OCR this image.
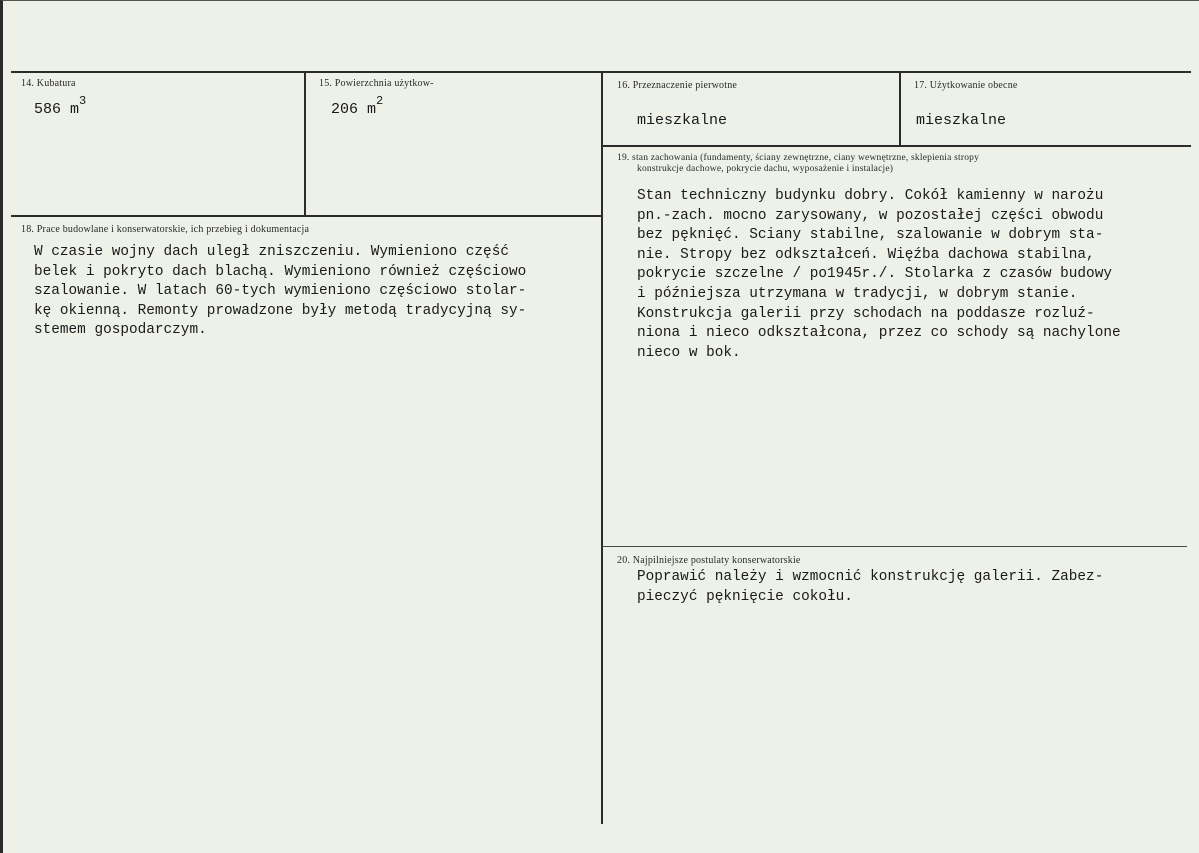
14. Kubatura
586 $m^3$
15. Powierzchnia użytkow-
206 $m^2$
16. Przeznaczenie pierwotne
mieszkalne
17. Użytkowanie obecne
mieszkalne
18. Prace budowlane i konserwatorskie, ich przebieg i dokumentacja
W czasie wojny dach uległ zniszczeniu. Wymieniono część
belek i pokryto dach blachą. Wymieniono również częściowo
szalowanie. W latach 60-tych wymieniono częściowo stolar-
kę okienną. Remonty prowadzone były metodą tradycyjną sy-
stemem gospodarczym.
19. stan zachowania (fundamenty, ściany zewnętrzne, ciany wewnętrzne, sklepienia stropy
konstrukcje dachowe, pokrycie dachu, wyposażenie i instalacje)
Stan techniczny budynku dobry. Cokół kamienny w narożu
pn.-zach. mocno zarysowany, w pozostałej części obwodu
bez pęknięć. Sciany stabilne, szalowanie w dobrym sta-
nie. Stropy bez odkształceń. Więźba dachowa stabilna,
pokrycie szczelne / po1945r./. Stolarka z czasów budowy
i późniejsza utrzymana w tradycji, w dobrym stanie.
Konstrukcja galerii przy schodach na poddasze rozluź-
niona i nieco odkształcona, przez co schody są nachylone
nieco w bok.
20. Najpilniejsze postulaty konserwatorskie
Poprawić należy i wzmocnić konstrukcję galerii. Zabez-
pieczyć pęknięcie cokołu.
